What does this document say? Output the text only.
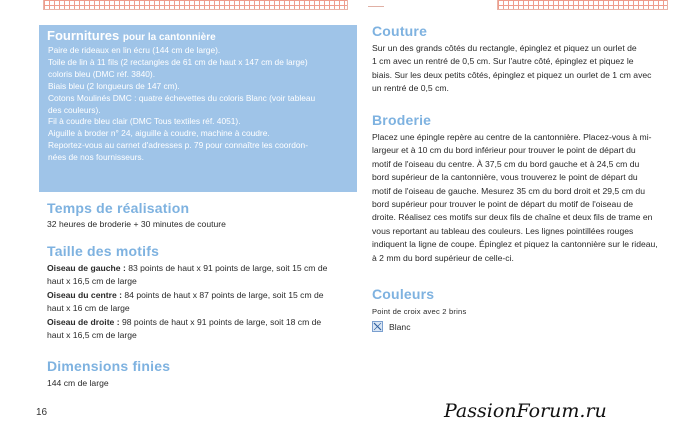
Fournitures pour la cantonnière

Paire de rideaux en lin écru (144 cm de large).

Toile de lin à 11 fils (2 rectangles de 61 cm de haut x 147 cm de large)

coloris bleu (DMC réf. 3840).

Biais bleu (2 longueurs de 147 cm).

Cotons Moulinés DMC : quatre échevettes du coloris Blanc (voir tableau

des couleurs).

Fil à coudre bleu clair (DMC Tous textiles réf. 4051).

Aiguille à broder n° 24, aiguille à coudre, machine à coudre.

Reportez-vous au carnet d'adresses p. 79 pour connaître les coordon-

nées de nos fournisseurs.

Temps de réalisation
32 heures de broderie + 30 minutes de couture
Taille des motifs

Oiseau de gauche : 83 points de haut x 91 points de large, soit 15 cm de

haut x 16,5 cm de large

Oiseau du centre : 84 points de haut x 87 points de large, soit 15 cm de

haut x 16 cm de large

Oiseau de droite : 98 points de haut x 91 points de large, soit 18 cm de

haut x 16,5 cm de large

Dimensions finies
144 cm de large
16
Couture

Sur un des grands côtés du rectangle, épinglez et piquez un ourlet de

1 cm avec un rentré de 0,5 cm. Sur l'autre côté, épinglez et piquez le

biais. Sur les deux petits côtés, épinglez et piquez un ourlet de 1 cm avec

un rentré de 0,5 cm.

Broderie

Placez une épingle repère au centre de la cantonnière. Placez-vous à mi-

largeur et à 10 cm du bord inférieur pour trouver le point de départ du

motif de l'oiseau du centre. À 37,5 cm du bord gauche et à 24,5 cm du

bord supérieur de la cantonnière, vous trouverez le point de départ du

motif de l'oiseau de gauche. Mesurez 35 cm du bord droit et 29,5 cm du

bord supérieur pour trouver le point de départ du motif de l'oiseau de

droite. Réalisez ces motifs sur deux fils de chaîne et deux fils de trame en

vous reportant au tableau des couleurs. Les lignes pointillées rouges

indiquent la ligne de coupe. Épinglez et piquez la cantonnière sur le rideau,

à 2 mm du bord supérieur de celle-ci.

Couleurs
Point de croix avec 2 brins
Blanc
PassionForum.ru
